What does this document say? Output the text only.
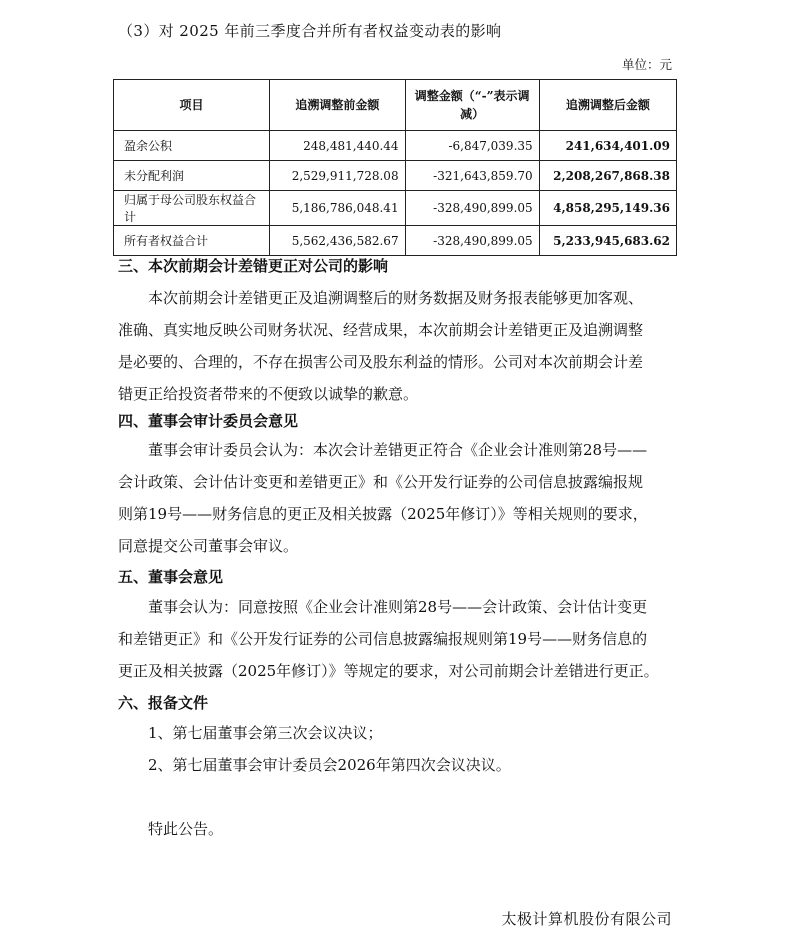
（3）对 2025 年前三季度合并所有者权益变动表的影响
单位：元
项目	追溯调整前金额	调整金额（“-”表示调减）	追溯调整后金额
盈余公积	248,481,440.44	-6,847,039.35	241,634,401.09
未分配利润	2,529,911,728.08	-321,643,859.70	2,208,267,868.38
归属于母公司股东权益合计	5,186,786,048.41	-328,490,899.05	4,858,295,149.36
所有者权益合计	5,562,436,582.67	-328,490,899.05	5,233,945,683.62
三、本次前期会计差错更正对公司的影响
本次前期会计差错更正及追溯调整后的财务数据及财务报表能够更加客观、
准确、真实地反映公司财务状况、经营成果，本次前期会计差错更正及追溯调整
是必要的、合理的，不存在损害公司及股东利益的情形。公司对本次前期会计差
错更正给投资者带来的不便致以诚挚的歉意。
四、董事会审计委员会意见
董事会审计委员会认为：本次会计差错更正符合《企业会计准则第28号——
会计政策、会计估计变更和差错更正》和《公开发行证券的公司信息披露编报规
则第19号——财务信息的更正及相关披露（2025年修订）》等相关规则的要求，
同意提交公司董事会审议。
五、董事会意见
董事会认为：同意按照《企业会计准则第28号——会计政策、会计估计变更
和差错更正》和《公开发行证券的公司信息披露编报规则第19号——财务信息的
更正及相关披露（2025年修订）》等规定的要求，对公司前期会计差错进行更正。
六、报备文件
1、第七届董事会第三次会议决议；
2、第七届董事会审计委员会2026年第四次会议决议。
特此公告。
太极计算机股份有限公司
